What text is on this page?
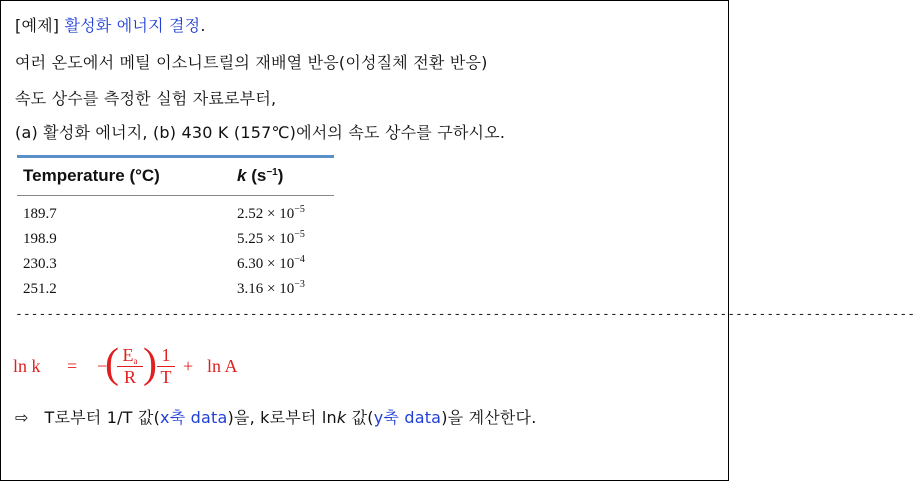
[예제] 활성화 에너지 결정.
여러 온도에서 메틸 이소니트릴의 재배열 반응(이성질체 전환 반응)
속도 상수를 측정한 실험 자료로부터,
(a) 활성화 에너지, (b) 430 K (157℃)에서의 속도 상수를 구하시오.
Temperature (°C)	k $(s^{-1})$
189.7	$2.52 \times 10^{-5}$
198.9	$5.25 \times 10^{-5}$
230.3	$6.30 \times 10^{-4}$
251.2	$3.16 \times 10^{-3}$
-------------------------------------------------------------------------------------------------------------------
ln k = −
(
$\frac{Ea}{R}$ ) $\frac{1}{T} + \ln A$
⇨ T로부터 1/T 값(x축 data)을, k로부터 lnk 값(y축 data)을 계산한다.
